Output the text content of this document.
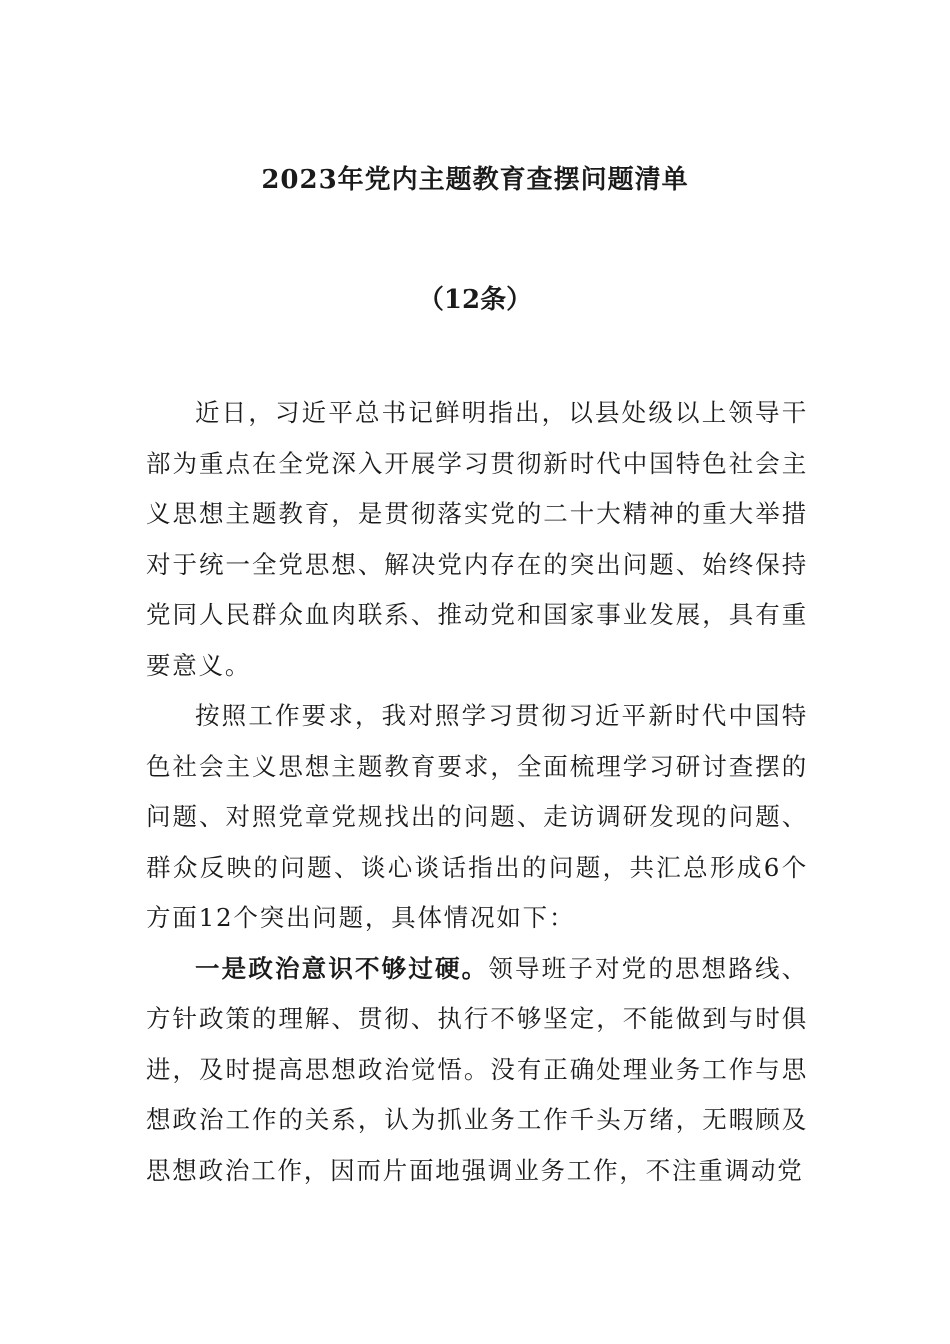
2023年党内主题教育查摆问题清单
（12条）

近日，习近平总书记鲜明指出，以县处级以上领导干部为重点在全党深入开展学习贯彻新时代中国特色社会主义思想主题教育，是贯彻落实党的二十大精神的重大举措对于统一全党思想、解决党内存在的突出问题、始终保持党同人民群众血肉联系、推动党和国家事业发展，具有重要意义。

按照工作要求，我对照学习贯彻习近平新时代中国特色社会主义思想主题教育要求，全面梳理学习研讨查摆的问题、对照党章党规找出的问题、走访调研发现的问题、群众反映的问题、谈心谈话指出的问题，共汇总形成6个方面12个突出问题，具体情况如下：

一是政治意识不够过硬。领导班子对党的思想路线、方针政策的理解、贯彻、执行不够坚定，不能做到与时俱进，及时提高思想政治觉悟。没有正确处理业务工作与思想政治工作的关系，认为抓业务工作千头万绪，无暇顾及思想政治工作，因而片面地强调业务工作，不注重调动党
